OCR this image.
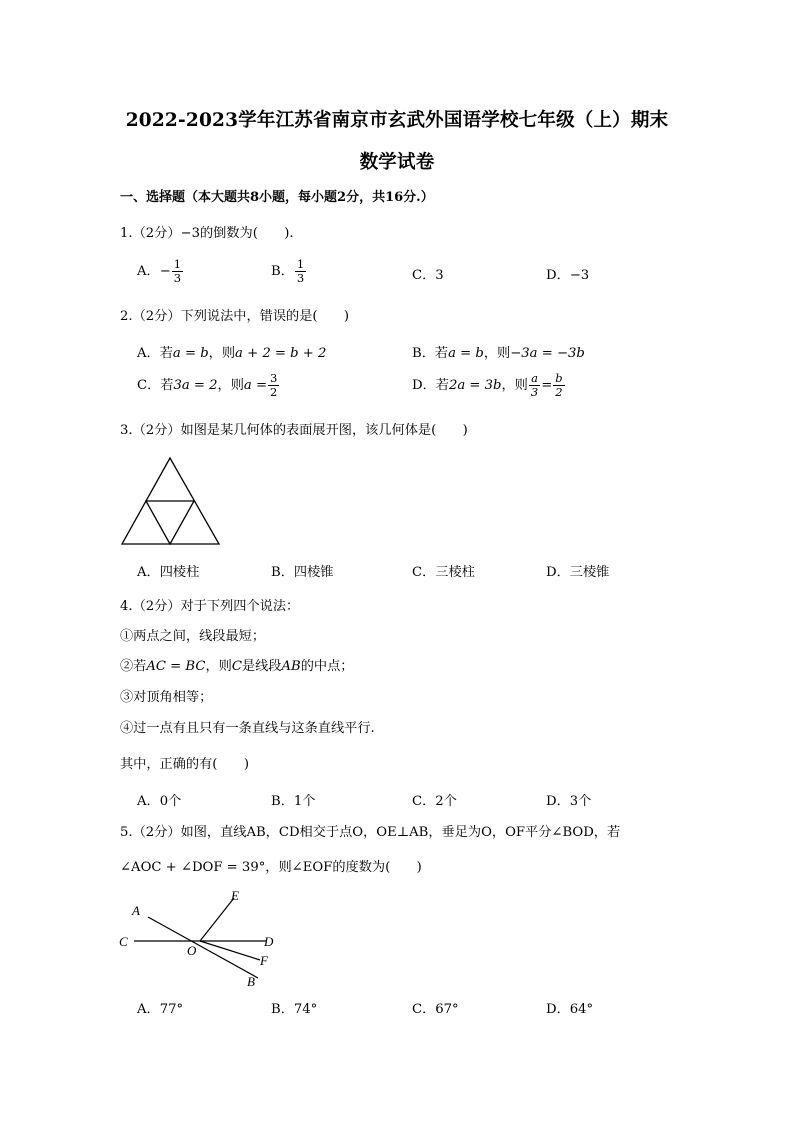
2022-2023学年江苏省南京市玄武外国语学校七年级（上）期末
数学试卷
一、选择题（本大题共8小题，每小题2分，共16分.）
1.（2分）−3的倒数为(　　).
A．− $\frac{1}{3}$	B． $\frac{1}{3}$	C．3	D．−3
2.（2分）下列说法中，错误的是(　　)
A．若a = b，则a + 2 = b + 2	B．若a = b，则−3a = −3b
C．若3a = 2，则$a = \frac{3}{2}$	D．若2a = 3b，则 $\frac{a}{3} = \frac{b}{2}$
3.（2分）如图是某几何体的表面展开图，该几何体是(　　)
A．四棱柱	B．四棱锥	C．三棱柱	D．三棱锥
4.（2分）对于下列四个说法：
①两点之间，线段最短；
②若AC = BC，则C是线段AB的中点；
③对顶角相等；
④过一点有且只有一条直线与这条直线平行.
其中，正确的有(　　)
A．0个	B．1个	C．2个	D．3个
5.（2分）如图，直线AB，CD相交于点O，OE⊥AB，垂足为O，OF平分∠BOD，若
∠AOC + ∠DOF = 39°，则∠EOF的度数为(　　)
A
E
C	D
O
F
B
A．77°	B．74°	C．67°	D．64°
